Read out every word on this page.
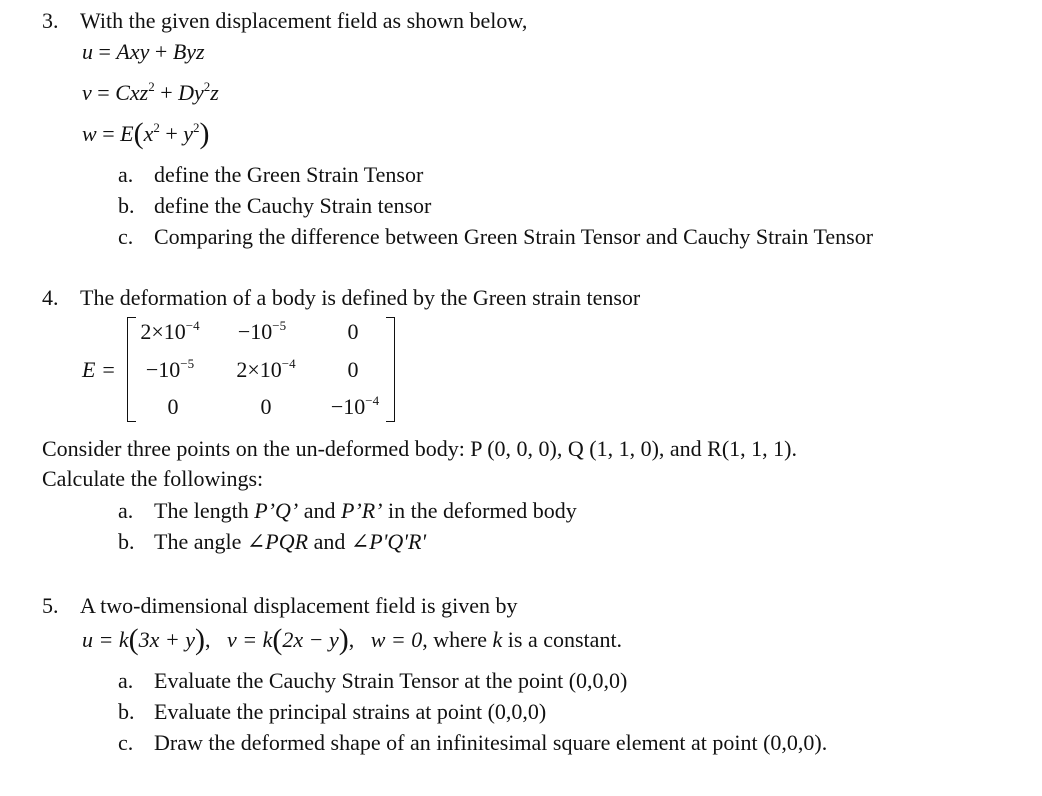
3. With the given displacement field as shown below,
u = Axy + Byz
$v = Cxz^2 + Dy^2z$
$w = E(x^2 + y^2)$
a. define the Green Strain Tensor
b. define the Cauchy Strain tensor
c. Comparing the difference between Green Strain Tensor and Cauchy Strain Tensor
4. The deformation of a body is defined by the Green strain tensor
E =
$2\times 10^{-4}$	$-10^{-5}$	0
$-10^{-5}$	$2\times 10^{-4}$	0
0	0	$-10^{-4}$
Consider three points on the un-deformed body: P (0, 0, 0), Q (1, 1, 0), and R(1, 1, 1).
Calculate the followings:
a. The length P’Q’ and P’R’ in the deformed body
b. The angle ∠PQR and ∠P'Q'R'
5. A two-dimensional displacement field is given by
u = k(3x + y),   v = k(2x − y),   w = 0, where k is a constant.
a. Evaluate the Cauchy Strain Tensor at the point (0,0,0)
b. Evaluate the principal strains at point (0,0,0)
c. Draw the deformed shape of an infinitesimal square element at point (0,0,0).
